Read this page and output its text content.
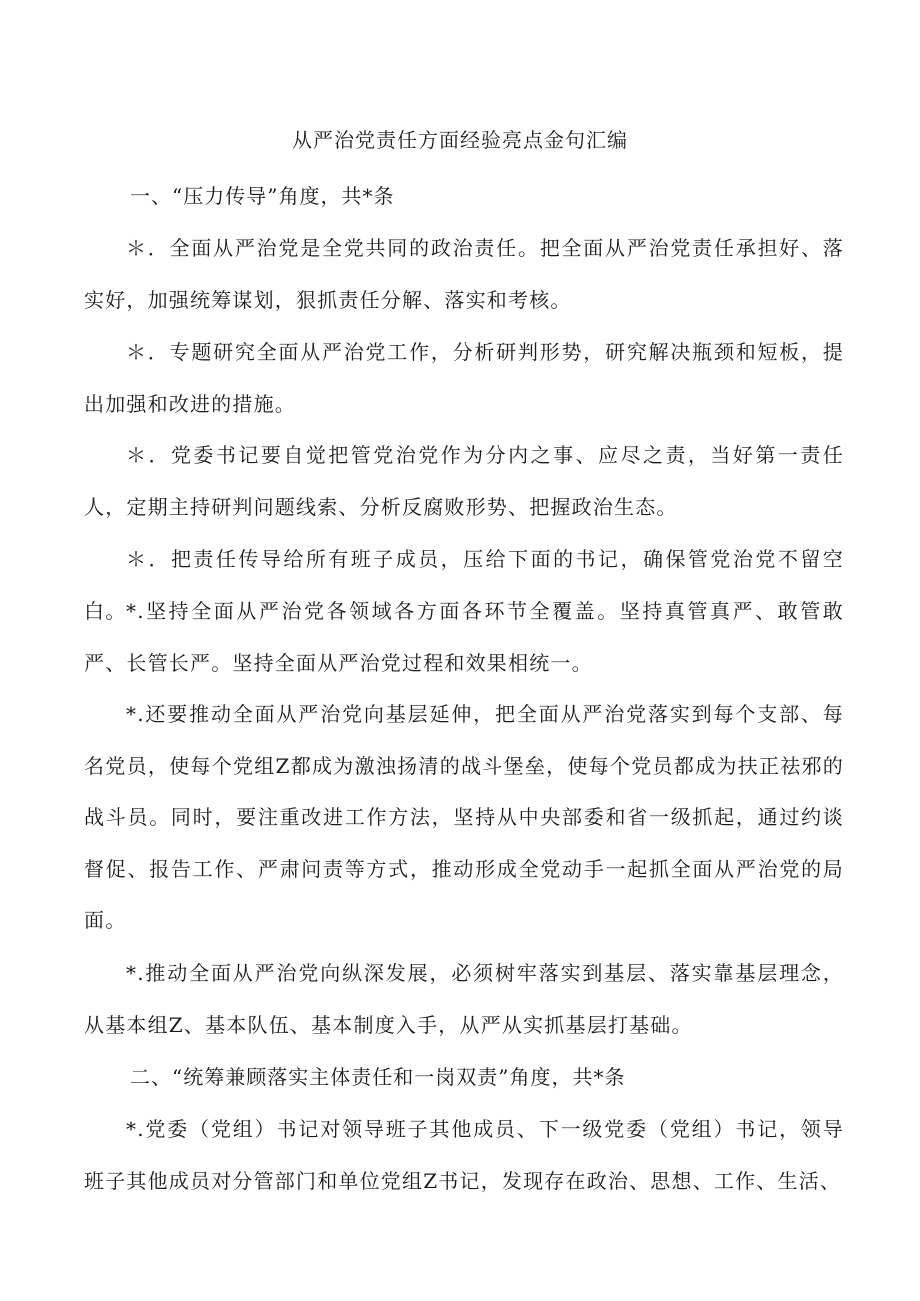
从严治党责任方面经验亮点金句汇编
一、“压力传导”角度，共*条
＊．全面从严治党是全党共同的政治责任。把全面从严治党责任承担好、落实好，加强统筹谋划，狠抓责任分解、落实和考核。
＊．专题研究全面从严治党工作，分析研判形势，研究解决瓶颈和短板，提出加强和改进的措施。
＊．党委书记要自觉把管党治党作为分内之事、应尽之责，当好第一责任人，定期主持研判问题线索、分析反腐败形势、把握政治生态。
＊．把责任传导给所有班子成员，压给下面的书记，确保管党治党不留空白。 *.坚持全面从严治党各领域各方面各环节全覆盖。坚持真管真严、敢管敢严、长管长严。坚持全面从严治党过程和效果相统一。
*.还要推动全面从严治党向基层延伸，把全面从严治党落实到每个支部、每名党员，使每个党组Z都成为激浊扬清的战斗堡垒，使每个党员都成为扶正祛邪的战斗员。同时，要注重改进工作方法，坚持从中央部委和省一级抓起，通过约谈督促、报告工作、严肃问责等方式，推动形成全党动手一起抓全面从严治党的局面。
*.推动全面从严治党向纵深发展，必须树牢落实到基层、落实靠基层理念，从基本组Z、基本队伍、基本制度入手，从严从实抓基层打基础。
二、“统筹兼顾落实主体责任和一岗双责”角度，共*条
*.党委（党组）书记对领导班子其他成员、下一级党委（党组）书记，领导班子其他成员对分管部门和单位党组Z书记，发现存在政治、思想、工作、生活、
